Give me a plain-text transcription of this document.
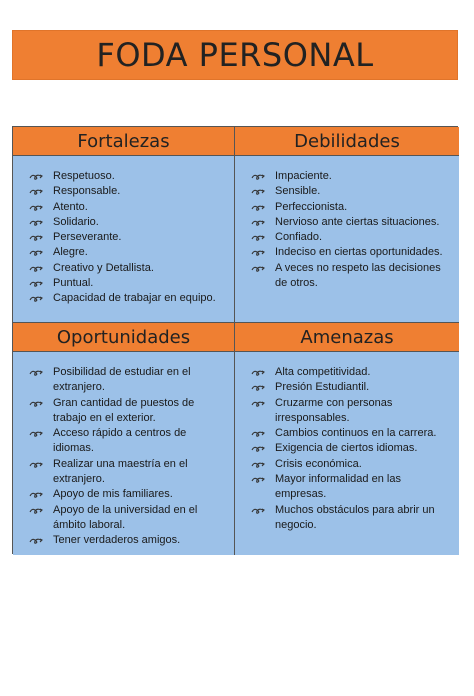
FODA PERSONAL
Fortalezas	Debilidades
Respetuoso.
Responsable.
Atento.
Solidario.
Perseverante.
Alegre.
Creativo y Detallista.
Puntual.
Capacidad de trabajar en equipo.
Impaciente.
Sensible.
Perfeccionista.
Nervioso ante ciertas situaciones.
Confiado.
Indeciso en ciertas oportunidades.
A veces no respeto las decisiones de otros.
Oportunidades	Amenazas
Posibilidad de estudiar en el extranjero.
Gran cantidad de puestos de trabajo en el exterior.
Acceso rápido a centros de idiomas.
Realizar una maestría en el extranjero.
Apoyo de mis familiares.
Apoyo de la universidad en el ámbito laboral.
Tener verdaderos amigos.
Alta competitividad.
Presión Estudiantil.
Cruzarme con personas irresponsables.
Cambios continuos en la carrera.
Exigencia de ciertos idiomas.
Crisis económica.
Mayor informalidad en las empresas.
Muchos obstáculos para abrir un negocio.
